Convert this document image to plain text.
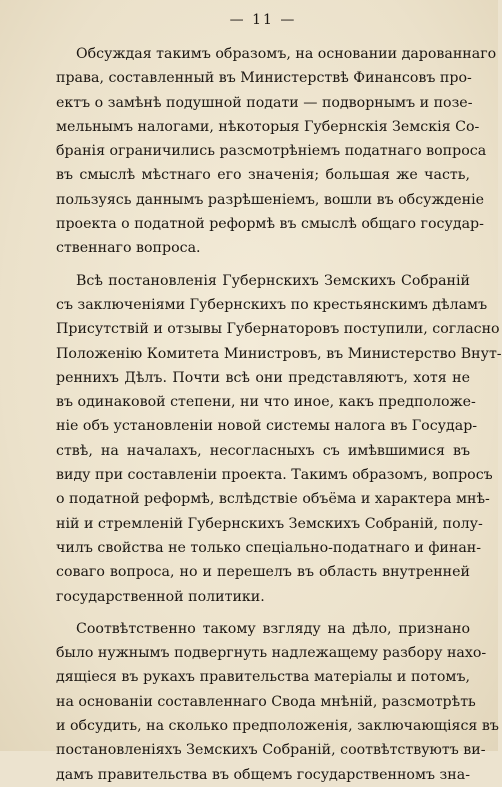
— 11 —
Обсуждая такимъ образомъ, на основании дарованнаго
права, составленный въ Министерствѣ Финансовъ про-
ектъ о замѣнѣ подушной подати — подворнымъ и позе-
мельнымъ налогами, нѣкоторыя Губернскія Земскія Со-
бранія ограничились разсмотрѣніемъ податнаго вопроса
въ смыслѣ мѣстнаго его значенія; большая же часть,
пользуясь даннымъ разрѣшеніемъ, вошли въ обсужденіе
проекта о податной реформѣ въ смыслѣ общаго государ-
ственнаго вопроса.
Всѣ постановленія Губернскихъ Земскихъ Собраній
съ заключеніями Губернскихъ по крестьянскимъ дѣламъ
Присутствій и отзывы Губернаторовъ поступили, согласно
Положенію Комитета Министровъ, въ Министерство Внут-
реннихъ Дѣлъ. Почти всѣ они представляютъ, хотя не
въ одинаковой степени, ни что иное, какъ предположе-
ніе объ установленіи новой системы налога въ Государ-
ствѣ, на началахъ, несогласныхъ съ имѣвшимися въ
виду при составленіи проекта. Такимъ образомъ, вопросъ
о податной реформѣ, вслѣдствіе объёма и характера мнѣ-
ній и стремленій Губернскихъ Земскихъ Собраній, полу-
чилъ свойства не только спеціально-податнаго и финан-
соваго вопроса, но и перешелъ въ область внутренней
государственной политики.
Соотвѣтственно такому взгляду на дѣло, признано
было нужнымъ подвергнуть надлежащему разбору нахо-
дящіеся въ рукахъ правительства матеріалы и потомъ,
на основаніи составленнаго Свода мнѣній, разсмотрѣть
и обсудить, на сколько предположенія, заключающіяся въ
постановленіяхъ Земскихъ Собраній, соотвѣтствуютъ ви-
дамъ правительства въ общемъ государственномъ зна-
